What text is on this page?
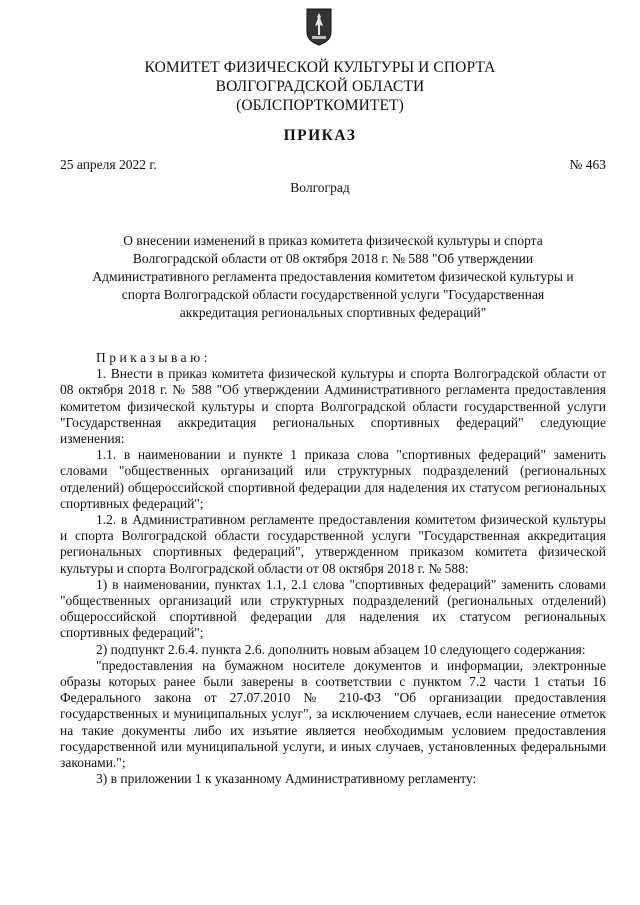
КОМИТЕТ ФИЗИЧЕСКОЙ КУЛЬТУРЫ И СПОРТА
ВОЛГОГРАДСКОЙ ОБЛАСТИ
(ОБЛСПОРТКОМИТЕТ)
ПРИКАЗ
25 апреля 2022 г.	№ 463
Волгоград
О внесении изменений в приказ комитета физической культуры и спорта
Волгоградской области от 08 октября 2018 г. № 588 "Об утверждении
Административного регламента предоставления комитетом физической культуры и
спорта Волгоградской области государственной услуги "Государственная
аккредитация региональных спортивных федераций"

Приказываю:

1. Внести в приказ комитета физической культуры и спорта Волгоградской области от 08 октября 2018 г. № 588 "Об утверждении Административного регламента предоставления комитетом физической культуры и спорта Волгоградской области государственной услуги "Государственная аккредитация региональных спортивных федераций" следующие изменения:

1.1. в наименовании и пункте 1 приказа слова "спортивных федераций" заменить словами "общественных организаций или структурных подразделений (региональных отделений) общероссийской спортивной федерации для наделения их статусом региональных спортивных федераций";

1.2. в Административном регламенте предоставления комитетом физической культуры и спорта Волгоградской области государственной услуги "Государственная аккредитация региональных спортивных федераций", утвержденном приказом комитета физической культуры и спорта Волгоградской области от 08 октября 2018 г. № 588:

1) в наименовании, пунктах 1.1, 2.1 слова "спортивных федераций" заменить словами "общественных организаций или структурных подразделений (региональных отделений) общероссийской спортивной федерации для наделения их статусом региональных спортивных федераций";

2) подпункт 2.6.4. пункта 2.6. дополнить новым абзацем 10 следующего содержания:

"предоставления на бумажном носителе документов и информации, электронные образы которых ранее были заверены в соответствии с пунктом 7.2 части 1 статьи 16 Федерального закона от 27.07.2010 № 210-ФЗ "Об организации предоставления государственных и муниципальных услуг", за исключением случаев, если нанесение отметок на такие документы либо их изъятие является необходимым условием предоставления государственной или муниципальной услуги, и иных случаев, установленных федеральными законами.";

3) в приложении 1 к указанному Административному регламенту:
